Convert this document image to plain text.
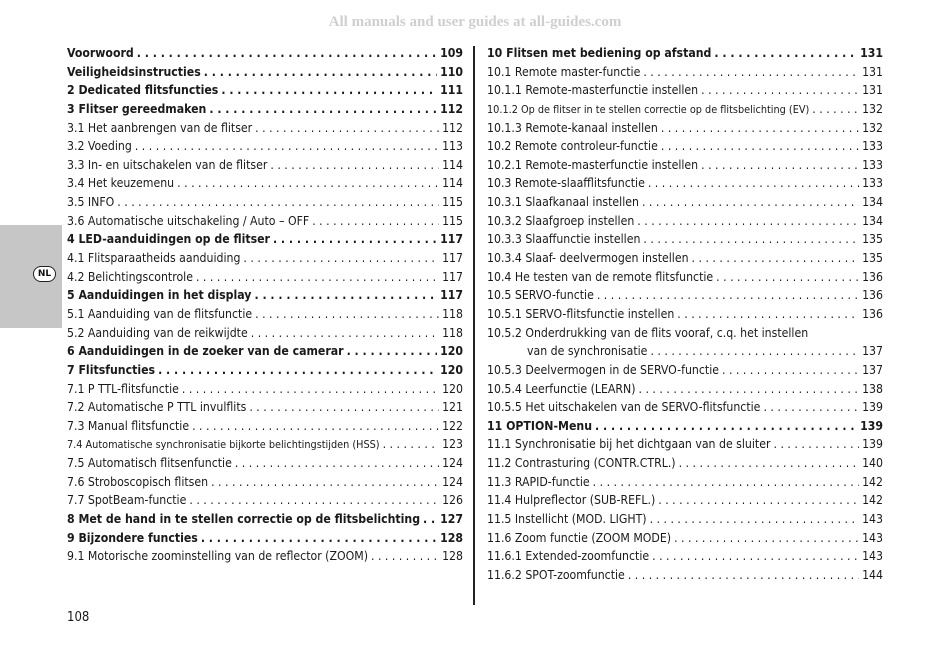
All manuals and user guides at all-guides.com
NL
Voorwoord . . .	109
Veiligheidsinstructies . . .	110
2 Dedicated flitsfuncties . . .	111
3 Flitser gereedmaken . . .	112
3.1 Het aanbrengen van de flitser . . .	112
3.2 Voeding . . .	113
3.3 In- en uitschakelen van de flitser . . .	114
3.4 Het keuzemenu . . .	114
3.5 INFO . . .	115
3.6 Automatische uitschakeling / Auto – OFF . . .	115
4 LED-aanduidingen op de flitser . . .	117
4.1 Flitsparaatheids aanduiding . . .	117
4.2 Belichtingscontrole . . .	117
5 Aanduidingen in het display . . .	117
5.1 Aanduiding van de flitsfunctie . . .	118
5.2 Aanduiding van de reikwijdte . . .	118
6 Aanduidingen in de zoeker van de camerar . . .	120
7 Flitsfuncties . . .	120
7.1 P TTL-flitsfunctie . . .	120
7.2 Automatische P TTL invulflits . . .	121
7.3 Manual flitsfunctie . . .	122
7.4 Automatische synchronisatie bijkorte belichtingstijden (HSS) . . .	123
7.5 Automatisch flitsenfunctie . . .	124
7.6 Stroboscopisch flitsen . . .	124
7.7 SpotBeam-functie . . .	126
8 Met de hand in te stellen correctie op de flitsbelichting . . . 127
9 Bijzondere functies . . .	128
9.1 Motorische zoominstelling van de reflector (ZOOM) . . .	128
10 Flitsen met bediening op afstand . . .	131
10.1 Remote master-functie . . .	131
10.1.1 Remote-masterfunctie instellen . . .	131
10.1.2 Op de flitser in te stellen correctie op de flitsbelichting (EV) . . .	132
10.1.3 Remote-kanaal instellen . . .	132
10.2 Remote controleur-functie . . .	133
10.2.1 Remote-masterfunctie instellen . . .	133
10.3 Remote-slaafflitsfunctie . . .	133
10.3.1 Slaafkanaal instellen . . .	134
10.3.2 Slaafgroep instellen . . .	134
10.3.3 Slaaffunctie instellen . . .	135
10.3.4 Slaaf- deelvermogen instellen . . .	135
10.4 He testen van de remote flitsfunctie . . .	136
10.5 SERVO-functie . . .	136
10.5.1 SERVO-flitsfunctie instellen . . .	136
10.5.2 Onderdrukking van de flits vooraf, c.q. het instellen
van de synchronisatie . . .	137
10.5.3 Deelvermogen in de SERVO-functie . . .	137
10.5.4 Leerfunctie (LEARN) . . .	138
10.5.5 Het uitschakelen van de SERVO-flitsfunctie . . .	139
11 OPTION-Menu . . .	139
11.1 Synchronisatie bij het dichtgaan van de sluiter . . .	139
11.2 Contrasturing (CONTR.CTRL.) . . .	140
11.3 RAPID-functie . . .	142
11.4 Hulpreflector (SUB-REFL.) . . .	142
11.5 Instellicht (MOD. LIGHT) . . .	143
11.6 Zoom functie (ZOOM MODE) . . .	143
11.6.1 Extended-zoomfunctie . . .	143
11.6.2 SPOT-zoomfunctie . . .	144
108
